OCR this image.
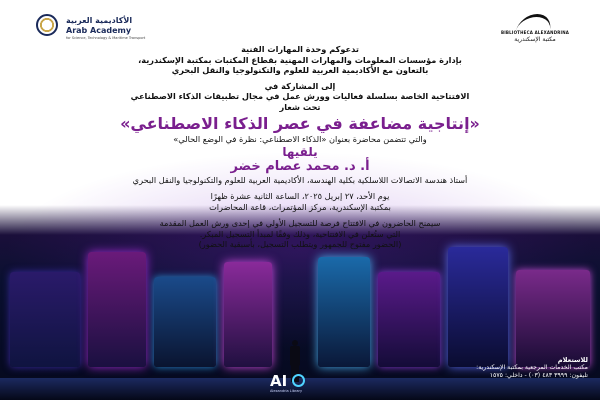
الأكاديمية العربية
Arab Academy
for Science, Technology & Maritime Transport
BIBLIOTHECA ALEXANDRINA
مكتبة الإسكندرية
تدعوكم وحدة المهارات الفنية
بإدارة مؤسسات المعلومات والمهارات المهنية بقطاع المكتبات بمكتبة الإسكندرية،
بالتعاون مع الأكاديمية العربية للعلوم والتكنولوجيا والنقل البحري
إلى المشاركة في
الافتتاحية الخاصة بسلسلة فعاليات وورش عمل في مجال تطبيقات الذكاء الاصطناعي
تحت شعار
«إنتاجية مضاعفة في عصر الذكاء الاصطناعي»
والتي تتضمن محاضرة بعنوان «الذكاء الاصطناعي: نظرة في الوضع الحالي»
يلقيها
أ. د. محمد عصام خضر
أستاذ هندسة الاتصالات اللاسلكية بكلية الهندسة، الأكاديمية العربية للعلوم والتكنولوجيا والنقل البحري
يوم الأحد، ٢٧ إبريل ٢٠٢٥، الساعة الثانية عشرة ظهرًا
بمكتبة الإسكندرية، مركز المؤتمرات، قاعة المحاضرات
سيمنح الحاضرون في الافتتاح فرصة للتسجيل الأولي في إحدى ورش العمل المقدمة
التي ستُعلن في الافتتاحية، وذلك وفقًا لمبدأ التسجيل المبكر.
(الحضور مفتوح للجمهور ويتطلب التسجيل، بأسبقية الحضور)
AI
Alexandria Library
للاستعلام
مكتب الخدمات المرجعية بمكتبة الإسكندرية:
تليفون: ٣٩٩٩ ٤٨٣ (٠٣) - داخلي: ١٥٧٥
